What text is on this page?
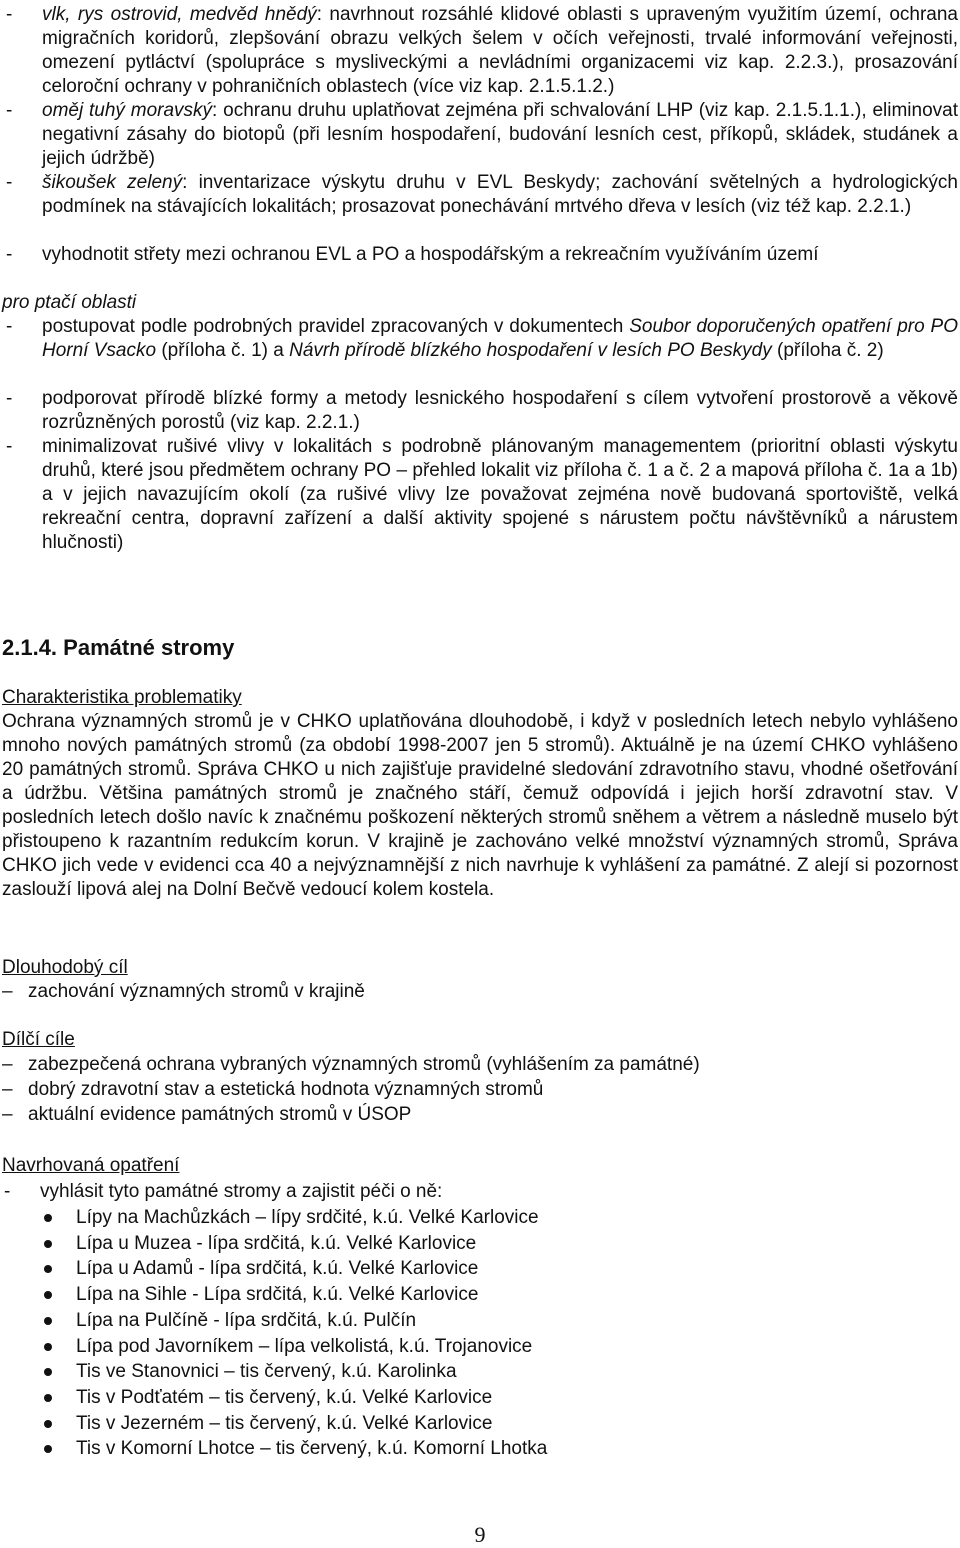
- vlk, rys ostrovid, medvěd hnědý: navrhnout rozsáhlé klidové oblasti s upraveným využitím území, ochrana migračních koridorů, zlepšování obrazu velkých šelem v očích veřejnosti, trvalé informování veřejnosti, omezení pytláctví (spolupráce s mysliveckými a nevládními organizacemi viz kap. 2.2.3.), prosazování celoroční ochrany v pohraničních oblastech (více viz kap. 2.1.5.1.2.)

- oměj tuhý moravský: ochranu druhu uplatňovat zejména při schvalování LHP (viz kap. 2.1.5.1.1.), eliminovat negativní zásahy do biotopů (při lesním hospodaření, budování lesních cest, příkopů, skládek, studánek a jejich údržbě)

- šikoušek zelený: inventarizace výskytu druhu v EVL Beskydy; zachování světelných a hydrologických podmínek na stávajících lokalitách; prosazovat ponechávání mrtvého dřeva v lesích (viz též kap. 2.2.1.)

- vyhodnotit střety mezi ochranou EVL a PO a hospodářským a rekreačním využíváním území

pro ptačí oblasti
- postupovat podle podrobných pravidel zpracovaných v dokumentech Soubor doporučených opatření pro PO Horní Vsacko (příloha č. 1) a Návrh přírodě blízkého hospodaření v lesích PO Beskydy (příloha č. 2)

- podporovat přírodě blízké formy a metody lesnického hospodaření s cílem vytvoření prostorově a věkově rozrůzněných porostů (viz kap. 2.2.1.)

- minimalizovat rušivé vlivy v lokalitách s podrobně plánovaným managementem (prioritní oblasti výskytu druhů, které jsou předmětem ochrany PO – přehled lokalit viz příloha č. 1 a č. 2 a mapová příloha č. 1a a 1b) a v jejich navazujícím okolí (za rušivé vlivy lze považovat zejména nově budovaná sportoviště, velká rekreační centra, dopravní zařízení a další aktivity spojené s nárustem počtu návštěvníků a nárustem hlučnosti)

2.1.4. Památné stromy
Charakteristika problematiky

Ochrana významných stromů je v CHKO uplatňována dlouhodobě, i když v posledních letech nebylo vyhlášeno mnoho nových památných stromů (za období 1998-2007 jen 5 stromů). Aktuálně je na území CHKO vyhlášeno 20 památných stromů. Správa CHKO u nich zajišťuje pravidelné sledování zdravotního stavu, vhodné ošetřování a údržbu. Většina památných stromů je značného stáří, čemuž odpovídá i jejich horší zdravotní stav. V posledních letech došlo navíc k značnému poškození některých stromů sněhem a větrem a následně muselo být přistoupeno k razantním redukcím korun. V krajině je zachováno velké množství významných stromů, Správa CHKO jich vede v evidenci cca 40 a nejvýznamnější z nich navrhuje k vyhlášení za památné. Z alejí si pozornost zaslouží lipová alej na Dolní Bečvě vedoucí kolem kostela.

Dlouhodobý cíl
– zachování významných stromů v krajině
Dílčí cíle
– zabezpečená ochrana vybraných významných stromů (vyhlášením za památné)
– dobrý zdravotní stav a estetická hodnota významných stromů
– aktuální evidence památných stromů v ÚSOP
Navrhovaná opatření
- vyhlásit tyto památné stromy a zajistit péči o ně:
Lípy na Machůzkách – lípy srdčité, k.ú. Velké Karlovice
Lípa u Muzea - lípa srdčitá, k.ú. Velké Karlovice
Lípa u Adamů - lípa srdčitá, k.ú. Velké Karlovice
Lípa na Sihle - Lípa srdčitá, k.ú. Velké Karlovice
Lípa na Pulčíně - lípa srdčitá, k.ú. Pulčín
Lípa pod Javorníkem – lípa velkolistá, k.ú. Trojanovice
Tis ve Stanovnici – tis červený, k.ú. Karolinka
Tis v Podťatém – tis červený, k.ú. Velké Karlovice
Tis v Jezerném – tis červený, k.ú. Velké Karlovice
Tis v Komorní Lhotce – tis červený, k.ú. Komorní Lhotka
9
